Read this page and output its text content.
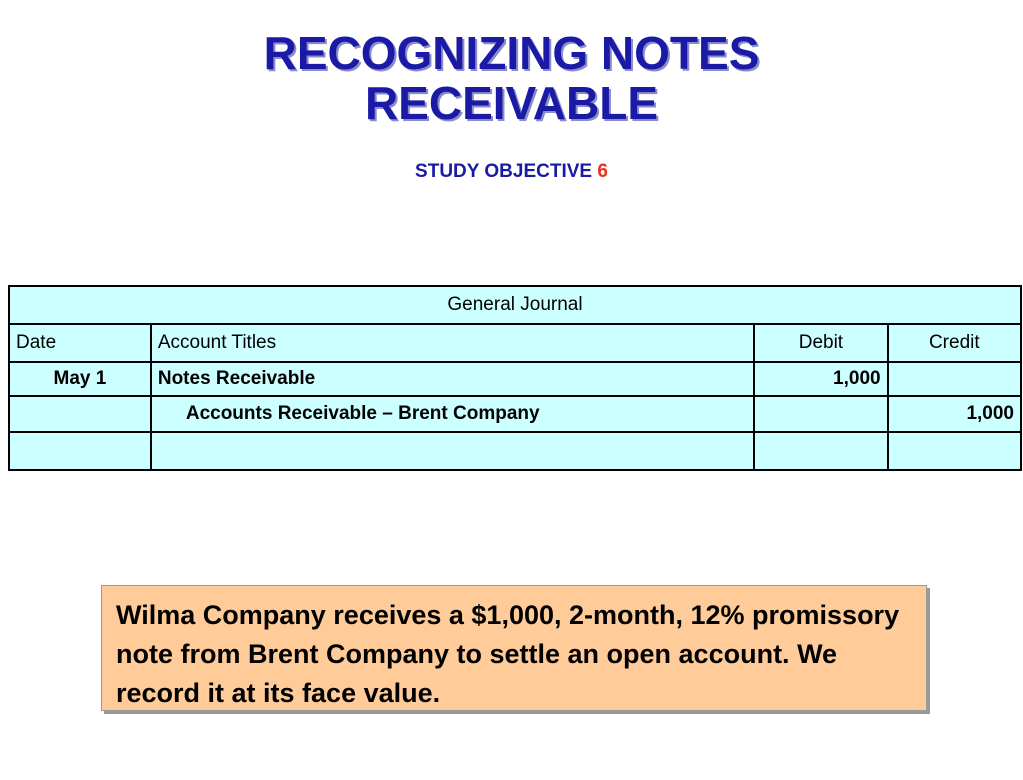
RECOGNIZING NOTES
RECEIVABLE
STUDY OBJECTIVE 6
General Journal			
Date	Account Titles	Debit	Credit
May 1	Notes Receivable	1,000	
	Accounts Receivable – Brent Company		1,000

Wilma Company receives a $1,000, 2-month, 12% promissory note from Brent Company to settle an open account. We record it at its face value.
